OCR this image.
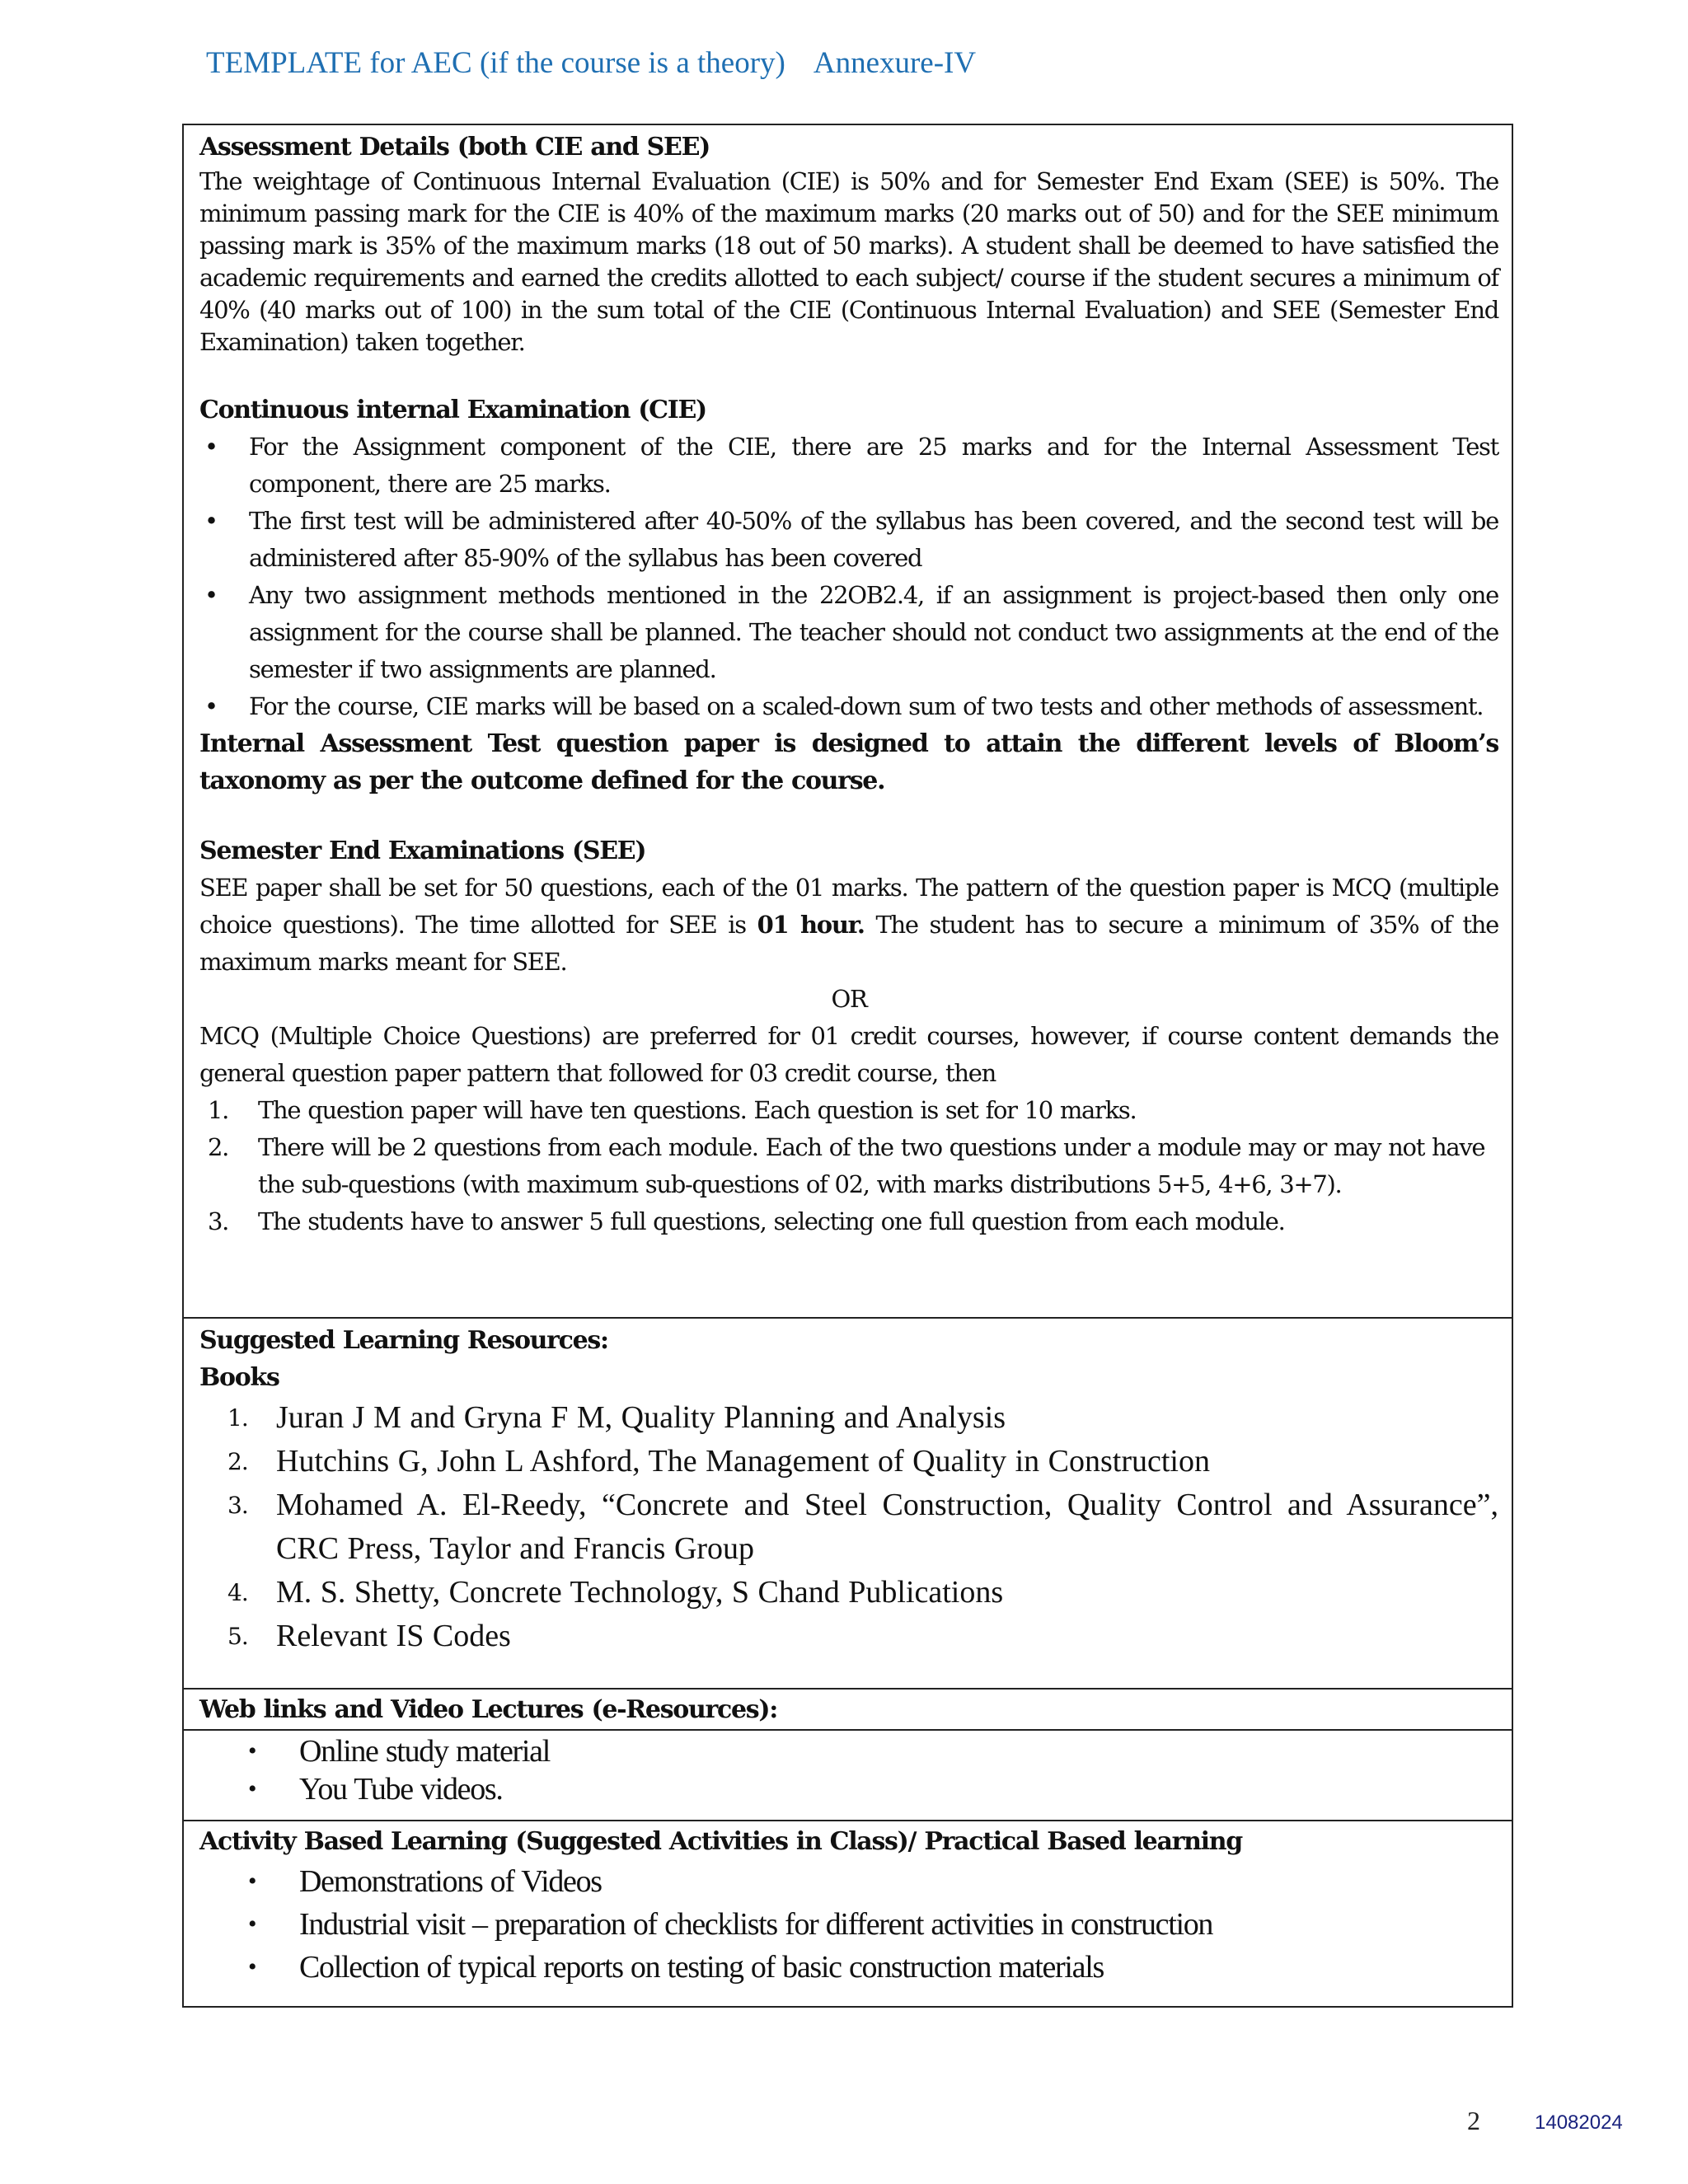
TEMPLATE for AEC (if the course is a theory) Annexure-IV
Assessment Details (both CIE and SEE)
The weightage of Continuous Internal Evaluation (CIE) is 50% and for Semester End Exam (SEE) is 50%. The minimum passing mark for the CIE is 40% of the maximum marks (20 marks out of 50) and for the SEE minimum passing mark is 35% of the maximum marks (18 out of 50 marks). A student shall be deemed to have satisfied the academic requirements and earned the credits allotted to each subject/ course if the student secures a minimum of 40% (40 marks out of 100) in the sum total of the CIE (Continuous Internal Evaluation) and SEE (Semester End Examination) taken together.
Continuous internal Examination (CIE)
• For the Assignment component of the CIE, there are 25 marks and for the Internal Assessment Test component, there are 25 marks.
• The first test will be administered after 40-50% of the syllabus has been covered, and the second test will be administered after 85-90% of the syllabus has been covered
• Any two assignment methods mentioned in the 22OB2.4, if an assignment is project-based then only one assignment for the course shall be planned. The teacher should not conduct two assignments at the end of the semester if two assignments are planned.
• For the course, CIE marks will be based on a scaled-down sum of two tests and other methods of assessment.
Internal Assessment Test question paper is designed to attain the different levels of Bloom’s taxonomy as per the outcome defined for the course.
Semester End Examinations (SEE)
SEE paper shall be set for 50 questions, each of the 01 marks. The pattern of the question paper is MCQ (multiple choice questions). The time allotted for SEE is 01 hour. The student has to secure a minimum of 35% of the maximum marks meant for SEE.
OR
MCQ (Multiple Choice Questions) are preferred for 01 credit courses, however, if course content demands the general question paper pattern that followed for 03 credit course, then
1. The question paper will have ten questions. Each question is set for 10 marks.
2. There will be 2 questions from each module. Each of the two questions under a module may or may not have the sub-questions (with maximum sub-questions of 02, with marks distributions 5+5, 4+6, 3+7).
3. The students have to answer 5 full questions, selecting one full question from each module.
Suggested Learning Resources:
Books
1. Juran J M and Gryna F M, Quality Planning and Analysis
2. Hutchins G, John L Ashford, The Management of Quality in Construction
3. Mohamed A. El-Reedy, “Concrete and Steel Construction, Quality Control and Assurance”, CRC Press, Taylor and Francis Group
4. M. S. Shetty, Concrete Technology, S Chand Publications
5. Relevant IS Codes
Web links and Video Lectures (e-Resources):
• Online study material
• You Tube videos.
Activity Based Learning (Suggested Activities in Class)/ Practical Based learning
• Demonstrations of Videos
• Industrial visit – preparation of checklists for different activities in construction
• Collection of typical reports on testing of basic construction materials
2	14082024
